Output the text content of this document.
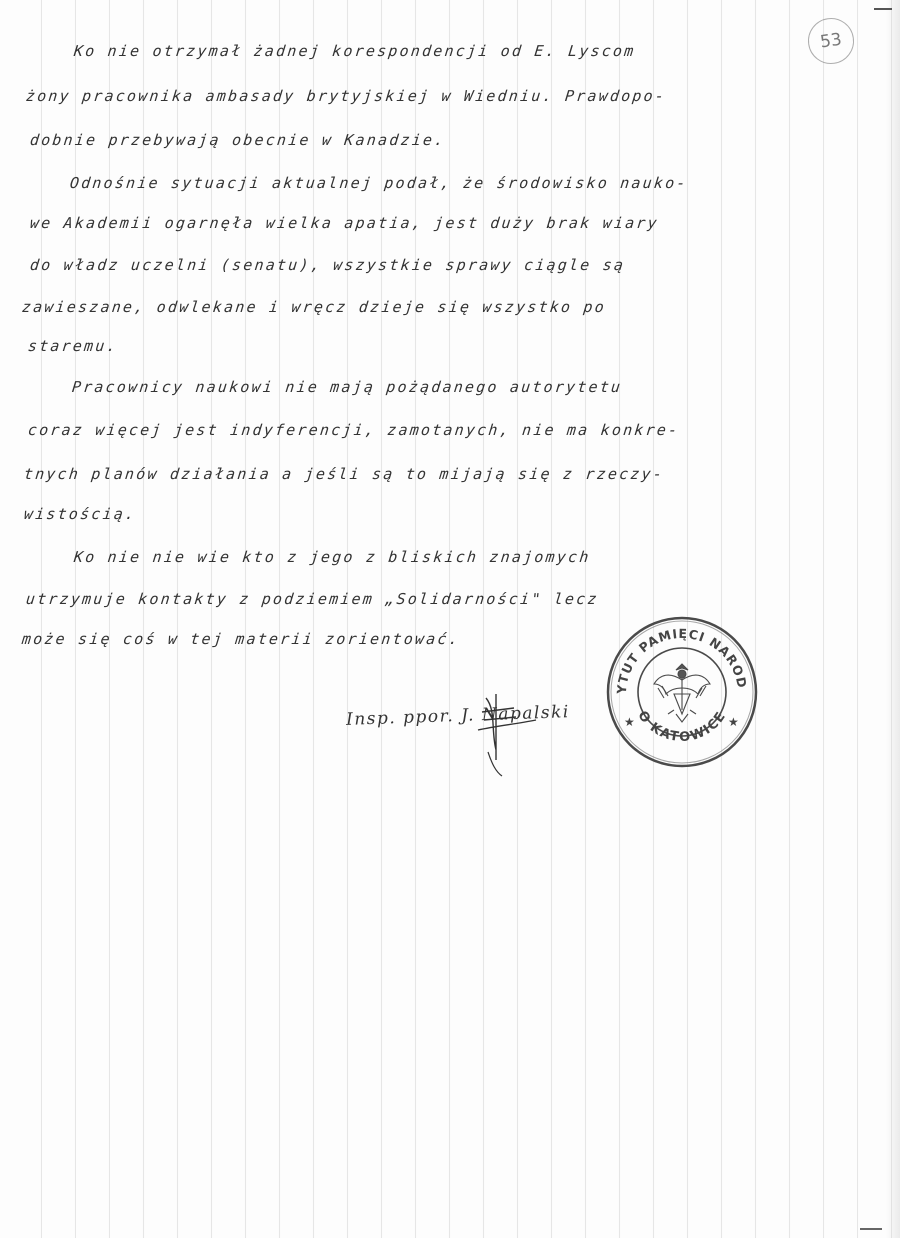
53
Ko nie otrzymał żadnej korespondencji od E. Lyscom
żony pracownika ambasady brytyjskiej w Wiedniu. Prawdopo-
dobnie przebywają obecnie w Kanadzie.
Odnośnie sytuacji aktualnej podał, że środowisko nauko-
we Akademii ogarnęła wielka apatia, jest duży brak wiary
do władz uczelni (senatu), wszystkie sprawy ciągle są
zawieszane, odwlekane i wręcz dzieje się wszystko po
staremu.
Pracownicy naukowi nie mają pożądanego autorytetu
coraz więcej jest indyferencji, zamotanych, nie ma konkre-
tnych planów działania a jeśli są to mijają się z rzeczy-
wistością.
Ko nie nie wie kto z jego z bliskich znajomych
utrzymuje kontakty z podziemiem „Solidarności" lecz
może się coś w tej materii zorientować.
Insp. ppor. J. Napalski
YTUT PAMIĘCI NAROD
O KATOWICE
★	★
